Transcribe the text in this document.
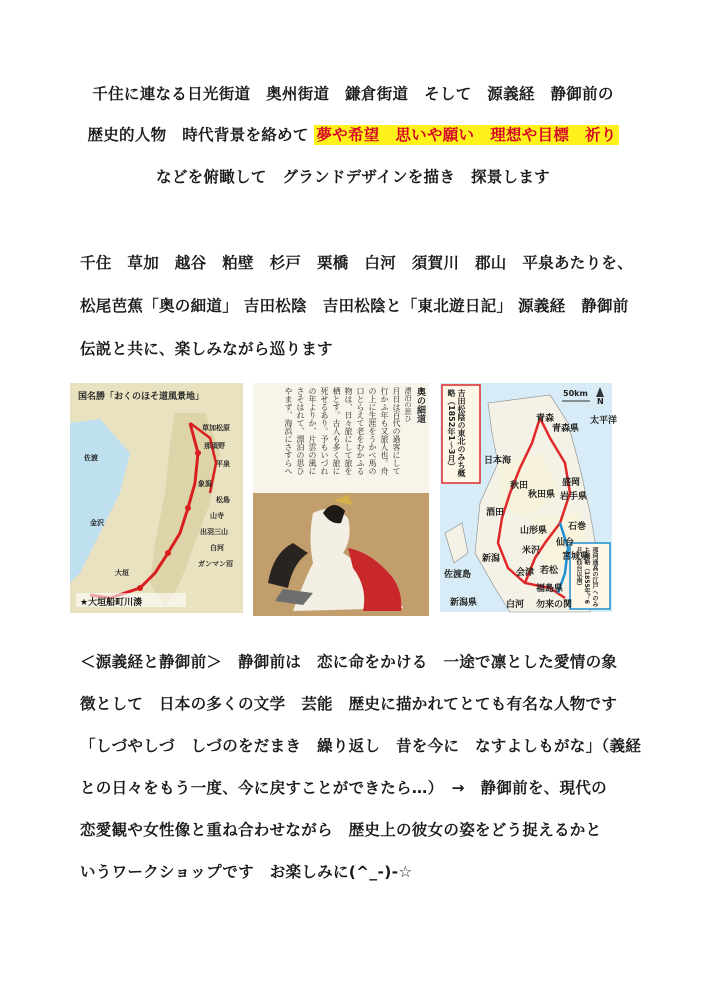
千住に連なる日光街道　奥州街道　鎌倉街道　そして　源義経　静御前の
歴史的人物　時代背景を絡めて 夢や希望　思いや願い　理想や目標　祈り
などを俯瞰して　グランドデザインを描き　探景します
千住　草加　越谷　粕壁　杉戸　栗橋　白河　須賀川　郡山　平泉あたりを、
松尾芭蕉「奥の細道」 吉田松陰　吉田松陰と「東北遊日記」 源義経　静御前
伝説と共に、楽しみながら巡ります
国名勝「おくのほそ道風景地」
草加松原
那須野
平泉
象潟
松島
山寺
出羽三山
白河
大垣
佐渡
ガンマン沼
金沢
★大垣船町川湊
奥の細道
漂泊の思ひ
月日は百代の過客にして
行かふ年も又旅人也。舟
の上に生涯をうかべ馬の
口とらえて老をむかふる
物は、日々旅にして旅を
栖とす。古人も多く旅に
死せるあり。予もいづれ
の年よりか、片雲の風に
さそはれて、漂泊の思ひ
やまず、海浜にさすらへ	50km
N
吉田松陰の東北のみち概略（1852年1～3月）
那珂通高の江戸へのみち概略（1855年？6月、仙台以南）
青森
青森県
太平洋
日本海
秋田
秋田県
盛岡
岩手県
酒田
山形県 石巻
仙台
宮城県
米沢
佐渡島
新潟
新潟県
会津 若松
福島県
白河 勿来の関
＜源義経と静御前＞　静御前は　恋に命をかける　一途で凛とした愛情の象
徴として　日本の多くの文学　芸能　歴史に描かれてとても有名な人物です
「しづやしづ　しづのをだまき　繰り返し　昔を今に　なすよしもがな」（義経
との日々をもう一度、今に戻すことができたら…）　→　静御前を、現代の
恋愛観や女性像と重ね合わせながら　歴史上の彼女の姿をどう捉えるかと
いうワークショップです　お楽しみに(^_-)-☆
